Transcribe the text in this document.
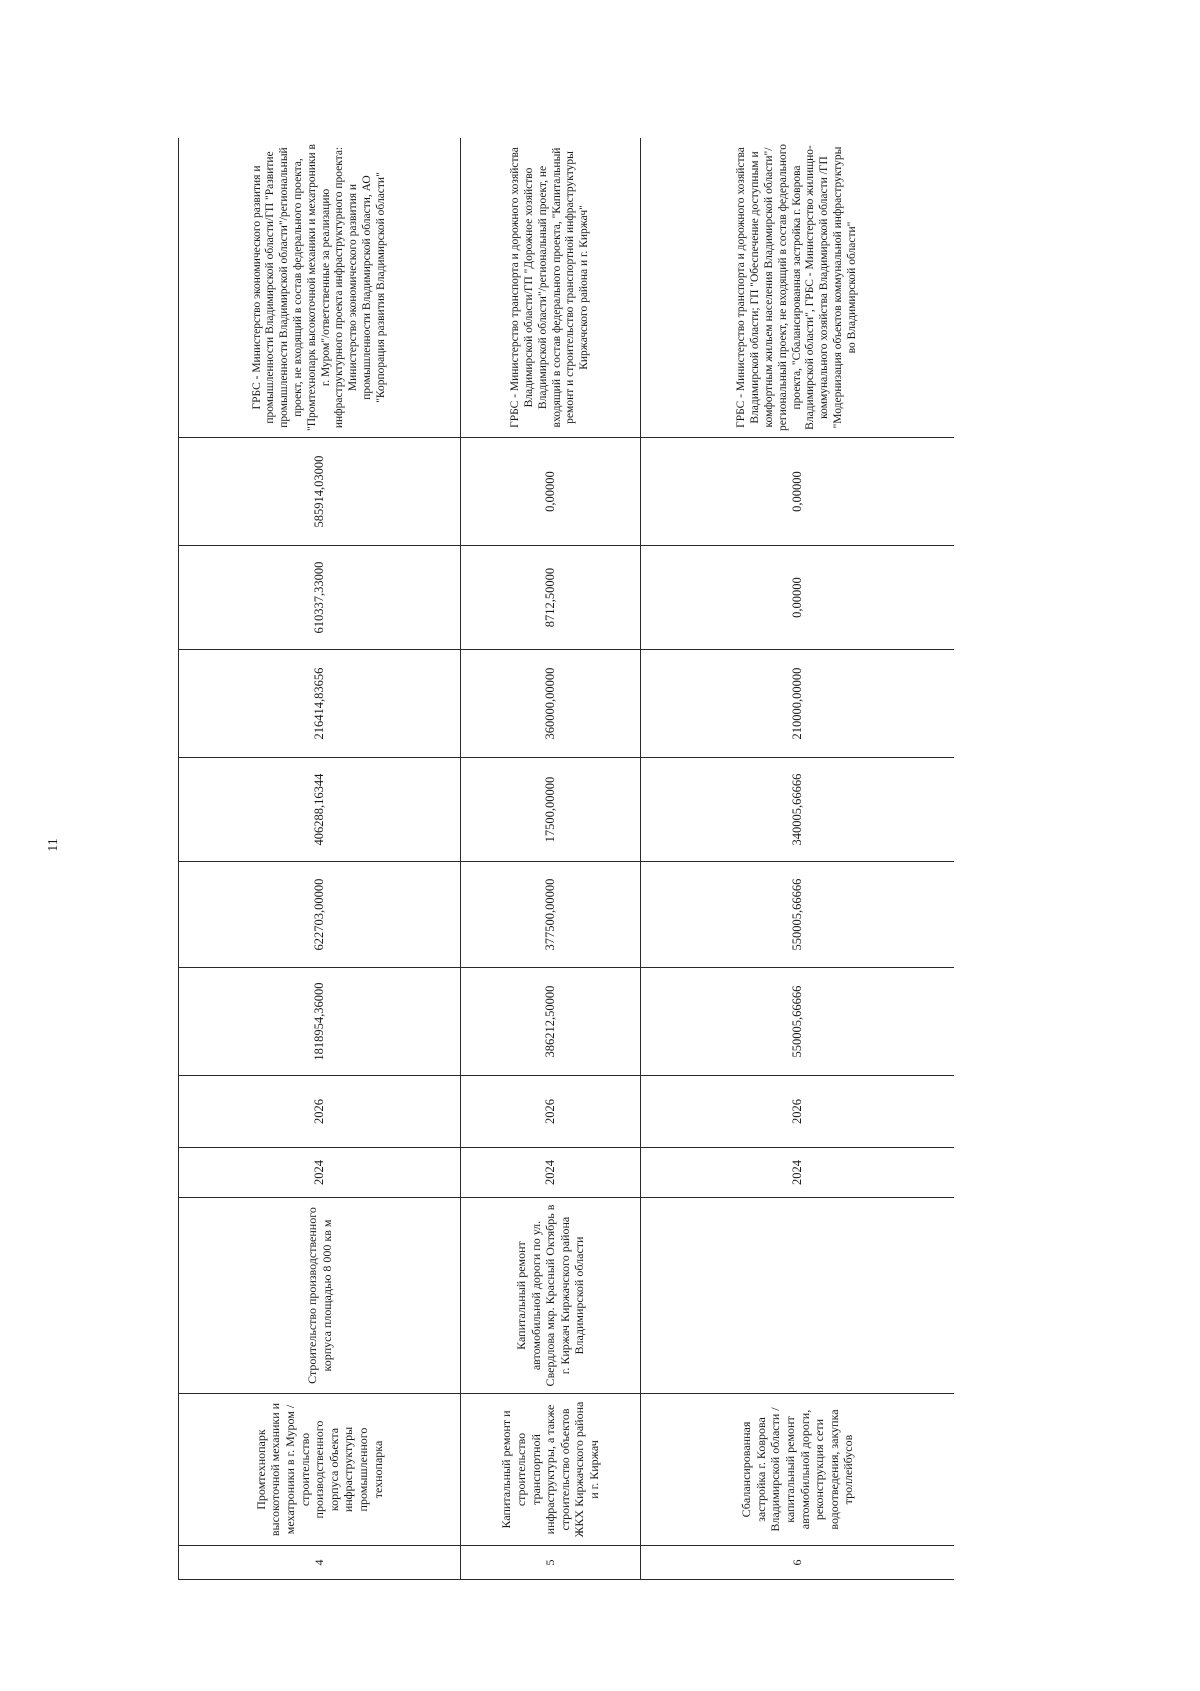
11
4	Промтехнопарк высокоточной механики и мехатроники в г. Муром / строительство производственного корпуса объекта инфраструктуры промышленного технопарка	Строительство производственного корпуса площадью 8 000 кв м	2024	2026	1818954,36000	622703,00000	406288,16344	216414,83656	610337,33000	585914,03000	ГРБС - Министерство экономического развития и промышленности Владимирской области/ГП "Развитие промышленности Владимирской области"/региональный проект, не входящий в состав федерального проекта, "Промтехнопарк высокоточной механики и мехатроники в г. Муром"/ответственные за реализацию инфраструктурного проекта инфраструктурного проекта: Министерство экономического развития и промышленности Владимирской области, АО "Корпорация развития Владимирской области"
5	Капитальный ремонт и строительство транспортной инфраструктуры, а также строительство объектов ЖКХ Киржачского района и г. Киржач	Капитальный ремонт автомобильной дороги по ул. Свердлова мкр. Красный Октябрь в г. Киржач Киржачского района Владимирской области	2024	2026	386212,50000	377500,00000	17500,00000	360000,00000	8712,50000	0,00000	ГРБС - Министерство транспорта и дорожного хозяйства Владимирской области/ГП "Дорожное хозяйство Владимирской области"/региональный проект, не входящий в состав федерального проекта, "Капитальный ремонт и строительство транспортной инфраструктуры Киржачского района и г. Киржач"
6	Сбалансированная застройка г. Коврова Владимирской области / капитальный ремонт автомобильной дороги, реконструкция сети водоотведения, закупка троллейбусов		2024	2026	550005,66666	550005,66666	340005,66666	210000,00000	0,00000	0,00000	ГРБС - Министерство транспорта и дорожного хозяйства Владимирской области; ГП "Обеспечение доступным и комфортным жильем населения Владимирской области"/региональный проект, не входящий в состав федерального проекта, "Сбалансированная застройка г. Коврова Владимирской области", ГРБС - Министерство жилищно-коммунального хозяйства Владимирской области /ГП "Модернизация объектов коммунальной инфраструктуры во Владимирской области"
